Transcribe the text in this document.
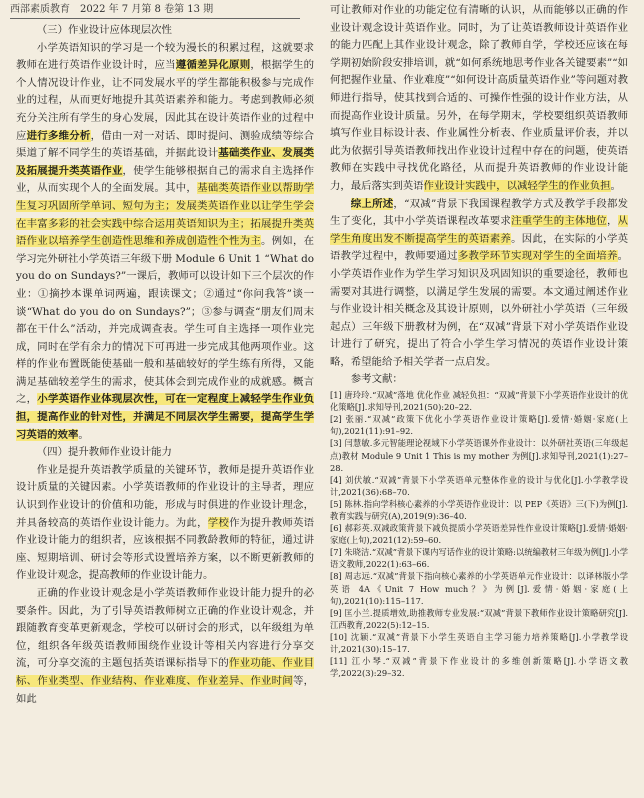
西部素质教育　2022 年 7 月第 8 卷第 13 期

（三）作业设计应体现层次性

小学英语知识的学习是一个较为漫长的积累过程，这就要求教师在进行英语作业设计时，应当遵循差异化原则，根据学生的个人情况设计作业，让不同发展水平的学生都能积极参与完成作业的过程，从而更好地提升其英语素养和能力。考虑到教师必须充分关注所有学生的身心发展，因此其在设计英语作业的过程中应进行多维分析，借由一对一对话、即时提问、测验成绩等综合渠道了解不同学生的英语基础，并据此设计基础类作业、发展类及拓展提升类英语作业，使学生能够根据自己的需求自主选择作业，从而实现个人的全面发展。其中，基础类英语作业以帮助学生复习巩固所学单词、短句为主；发展类英语作业以让学生学会在丰富多彩的社会实践中综合运用英语知识为主；拓展提升类英语作业以培养学生创造性思维和养成创造性个性为主。例如，在学习完外研社小学英语三年级下册 Module 6 Unit 1 “What do you do on Sundays?”一课后，教师可以设计如下三个层次的作业：①摘抄本课单词两遍，跟读课文；②通过“你问我答”谈一谈“What do you do on Sundays?”；③参与调查“朋友们周末都在干什么”活动，并完成调查表。学生可自主选择一项作业完成，同时在学有余力的情况下可再进一步完成其他两项作业。这样的作业布置既能使基础一般和基础较好的学生练有所得，又能满足基础较差学生的需求，使其体会到完成作业的成就感。概言之，小学英语作业体现层次性，可在一定程度上减轻学生作业负担，提高作业的针对性，并满足不同层次学生需要，提高学生学习英语的效率。

（四）提升教师作业设计能力

作业是提升英语教学质量的关键环节，教师是提升英语作业设计质量的关键因素。小学英语教师的作业设计的主导者，理应认识到作业设计的价值和功能，形成与时俱进的作业设计理念，并具备较高的英语作业设计能力。为此，学校作为提升教师英语作业设计能力的组织者，应该根据不同教龄教师的特征，通过讲座、短期培训、研讨会等形式设置培养方案，以不断更新教师的作业设计观念，提高教师的作业设计能力。

正确的作业设计观念是小学英语教师作业设计能力提升的必要条件。因此，为了引导英语教师树立正确的作业设计观念，并跟随教育变革更新观念，学校可以研讨会的形式，以年级组为单位，组织各年级英语教师围绕作业设计等相关内容进行分享交流，可分享交流的主题包括英语课标指导下的作业功能、作业目标、作业类型、作业结构、作业难度、作业差异、作业时间等，如此

可让教师对作业的功能定位有清晰的认识，从而能够以正确的作业设计观念设计英语作业。同时，为了让英语教师设计英语作业的能力匹配上其作业设计观念，除了教师自学，学校还应该在每学期初始阶段安排培训，就“如何系统地思考作业各关键要素”“如何把握作业量、作业难度”“如何设计高质量英语作业”等问题对教师进行指导，使其找到合适的、可操作性强的设计作业方法，从而提高作业设计质量。另外，在每学期末，学校要组织英语教师填写作业目标设计表、作业属性分析表、作业质量评价表，并以此为依据引导英语教师找出作业设计过程中存在的问题，使英语教师在实践中寻找优化路径，从而提升英语教师的作业设计能力，最后落实到英语作业设计实践中，以减轻学生的作业负担。

综上所述，“双减”背景下我国课程教学方式及教学手段都发生了变化，其中小学英语课程改革要求注重学生的主体地位，从学生角度出发不断提高学生的英语素养。因此，在实际的小学英语教学过程中，教师要通过多教学环节实现对学生的全面培养。小学英语作业作为学生学习知识及巩固知识的重要途径，教师也需要对其进行调整，以满足学生发展的需要。本文通过阐述作业与作业设计相关概念及其设计原则，以外研社小学英语（三年级起点）三年级下册教材为例，在“双减”背景下对小学英语作业设计进行了研究，提出了符合小学生学习情况的英语作业设计策略，希望能给予相关学者一点启发。

参考文献：

[1] 唐玲玲.“双减”落地 优化作业 减轻负担：“双减”背景下小学英语作业设计的优化策略[J].求知导刊,2021(50):20–22.
[2] 张丽.“双减”政策下优化小学英语作业设计策略[J].爱情·婚姻·家庭(上旬),2021(11):91–92.
[3] 闫慧敏.多元智能理论视域下小学英语课外作业设计：以外研社英语(三年级起点)教材 Module 9 Unit 1 This is my mother 为例[J].求知导刊,2021(1):27–28.
[4] 刘伏敏.“双减”背景下小学英语单元整体作业的设计与优化[J].小学教学设计,2021(36):68–70.
[5] 陈林.指向学科核心素养的小学英语作业设计：以 PEP《英语》三(下)为例[J].教育实践与研究(A),2019(9):36–40.
[6] 郝彩英.双减政策背景下减负提质小学英语差异性作业设计策略[J].爱情·婚姻·家庭(上旬),2021(12):59–60.
[7] 朱晓洁.“双减”背景下课内写话作业的设计策略:以统编教材三年级为例[J].小学语文教师,2022(1):63–66.
[8] 周志远.“双减”背景下指向核心素养的小学英语单元作业设计：以译林版小学英语 4A《Unit 7 How much？》为例[J].爱情·婚姻·家庭(上旬),2021(10):115–117.
[9] 匡小兰.提质增效,助推教师专业发展:“双减”背景下教师作业设计策略研究[J].江西教育,2022(5):12–15.
[10] 沈颖.“双减”背景下小学生英语自主学习能力培养策略[J].小学教学设计,2021(30):15–17.
[11] 江小琴.“双减”背景下作业设计的多维创新策略[J].小学语文教学,2022(3):29–32.
